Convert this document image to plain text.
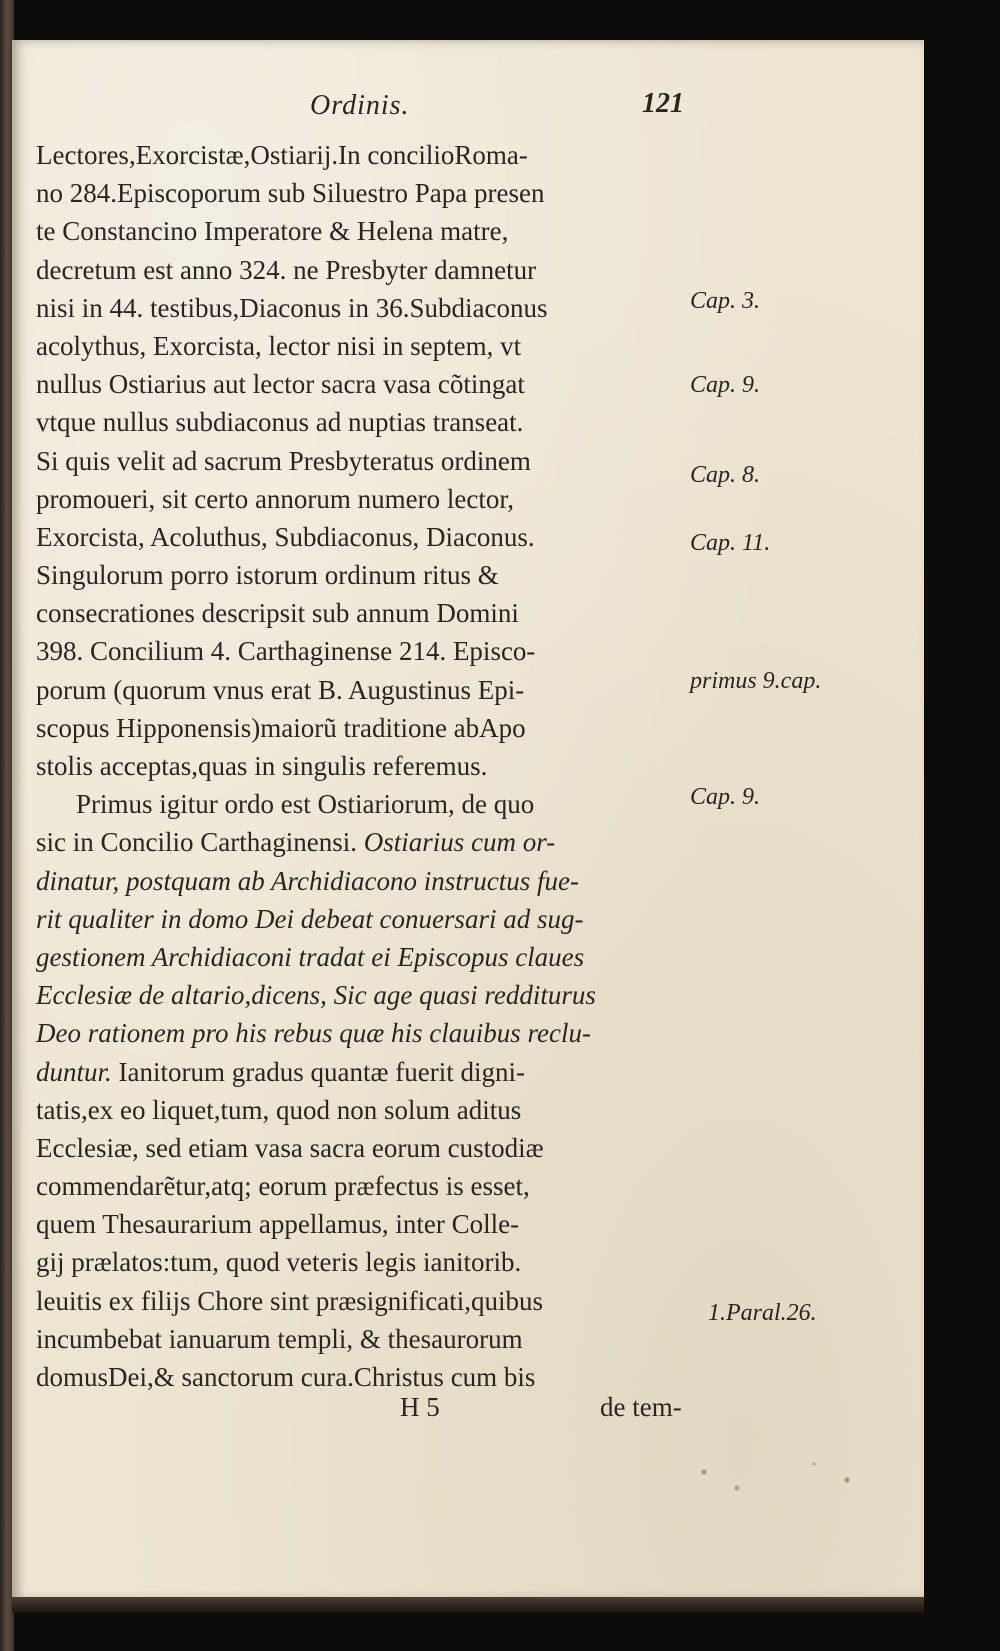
Ordinis.	121
Lectores,Exorcistæ,Ostiarij.In concilioRoma-
no 284.Episcoporum sub Siluestro Papa presen
te Constancino Imperatore & Helena matre,
decretum est anno 324. ne Presbyter damnetur
nisi in 44. testibus,Diaconus in 36.Subdiaconus
acolythus, Exorcista, lector nisi in septem, vt
nullus Ostiarius aut lector sacra vasa cõtingat
vtque nullus subdiaconus ad nuptias transeat.
Si quis velit ad sacrum Presbyteratus ordinem
promoueri, sit certo annorum numero lector,
Exorcista, Acoluthus, Subdiaconus, Diaconus.
Singulorum porro istorum ordinum ritus &
consecrationes descripsit sub annum Domini
398. Concilium 4. Carthaginense 214. Episco-
porum (quorum vnus erat B. Augustinus Epi-
scopus Hipponensis)maiorũ traditione abApo
stolis acceptas,quas in singulis referemus.
Primus igitur ordo est Ostiariorum, de quo
sic in Concilio Carthaginensi. Ostiarius cum or-
dinatur, postquam ab Archidiacono instructus fue-
rit qualiter in domo Dei debeat conuersari ad sug-
gestionem Archidiaconi tradat ei Episcopus claues
Ecclesiæ de altario,dicens, Sic age quasi redditurus
Deo rationem pro his rebus quæ his clauibus reclu-
duntur. Ianitorum gradus quantæ fuerit digni-
tatis,ex eo liquet,tum, quod non solum aditus
Ecclesiæ, sed etiam vasa sacra eorum custodiæ
commendarẽtur,atq; eorum præfectus is esset,
quem Thesaurarium appellamus, inter Colle-
gij prælatos:tum, quod veteris legis ianitorib.
leuitis ex filijs Chore sint præsignificati,quibus
incumbebat ianuarum templi, & thesaurorum
domusDei,& sanctorum cura.Christus cum bis
Cap. 3.
Cap. 9.
Cap. 8.
Cap. 11.
primus 9.cap.
Cap. 9.
1.Paral.26.
H 5	de tem-
